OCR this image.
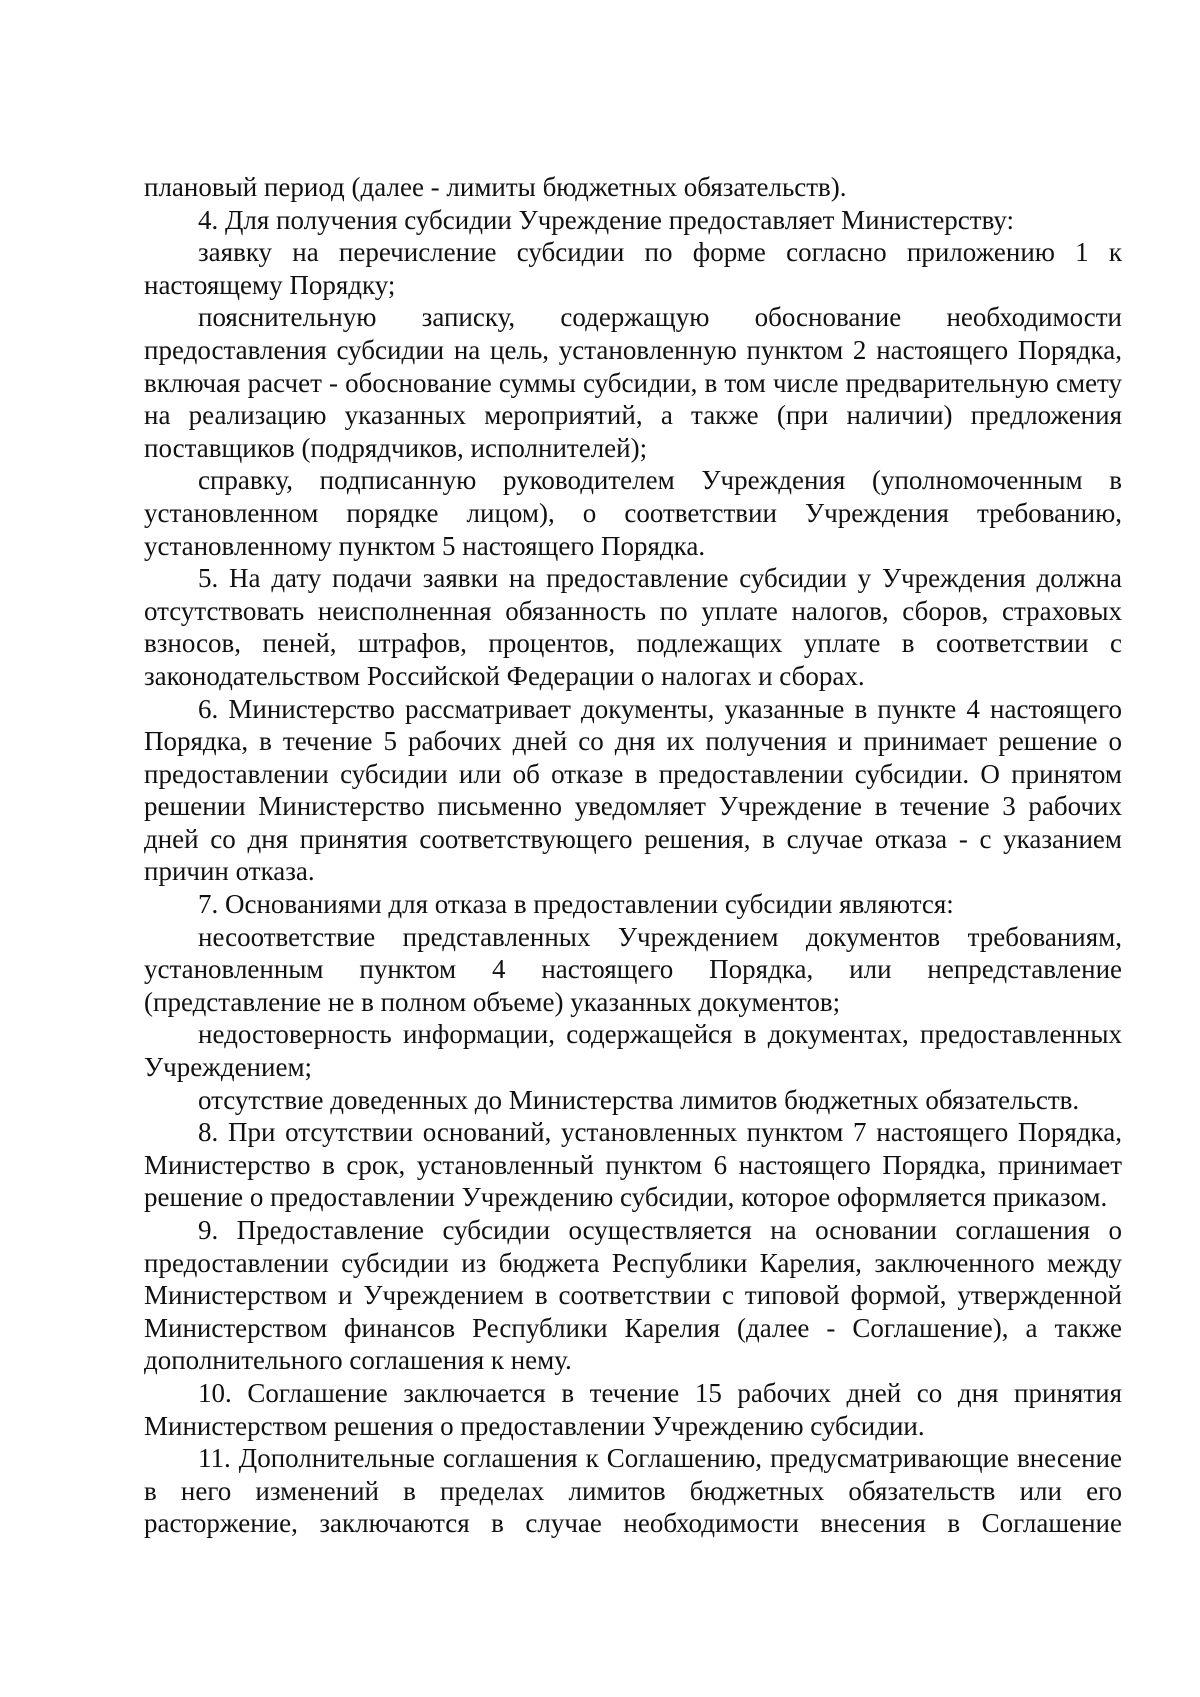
плановый период (далее - лимиты бюджетных обязательств).

4. Для получения субсидии Учреждение предоставляет Министерству:

заявку на перечисление субсидии по форме согласно приложению 1 к настоящему Порядку;

пояснительную записку, содержащую обоснование необходимости предоставления субсидии на цель, установленную пунктом 2 настоящего Порядка, включая расчет - обоснование суммы субсидии, в том числе предварительную смету на реализацию указанных мероприятий, а также (при наличии) предложения поставщиков (подрядчиков, исполнителей);

справку, подписанную руководителем Учреждения (уполномоченным в установленном порядке лицом), о соответствии Учреждения требованию, установленному пунктом 5 настоящего Порядка.

5. На дату подачи заявки на предоставление субсидии у Учреждения должна отсутствовать неисполненная обязанность по уплате налогов, сборов, страховых взносов, пеней, штрафов, процентов, подлежащих уплате в соответствии с законодательством Российской Федерации о налогах и сборах.

6. Министерство рассматривает документы, указанные в пункте 4 настоящего Порядка, в течение 5 рабочих дней со дня их получения и принимает решение о предоставлении субсидии или об отказе в предоставлении субсидии. О принятом решении Министерство письменно уведомляет Учреждение в течение 3 рабочих дней со дня принятия соответствующего решения, в случае отказа - с указанием причин отказа.

7. Основаниями для отказа в предоставлении субсидии являются:

несоответствие представленных Учреждением документов требованиям, установленным пунктом 4 настоящего Порядка, или непредставление (представление не в полном объеме) указанных документов;

недостоверность информации, содержащейся в документах, предоставленных Учреждением;

отсутствие доведенных до Министерства лимитов бюджетных обязательств.

8. При отсутствии оснований, установленных пунктом 7 настоящего Порядка, Министерство в срок, установленный пунктом 6 настоящего Порядка, принимает решение о предоставлении Учреждению субсидии, которое оформляется приказом.

9. Предоставление субсидии осуществляется на основании соглашения о предоставлении субсидии из бюджета Республики Карелия, заключенного между Министерством и Учреждением в соответствии с типовой формой, утвержденной Министерством финансов Республики Карелия (далее - Соглашение), а также дополнительного соглашения к нему.

10. Соглашение заключается в течение 15 рабочих дней со дня принятия Министерством решения о предоставлении Учреждению субсидии.

11. Дополнительные соглашения к Соглашению, предусматривающие внесение в него изменений в пределах лимитов бюджетных обязательств или его расторжение, заключаются в случае необходимости внесения в Соглашение
